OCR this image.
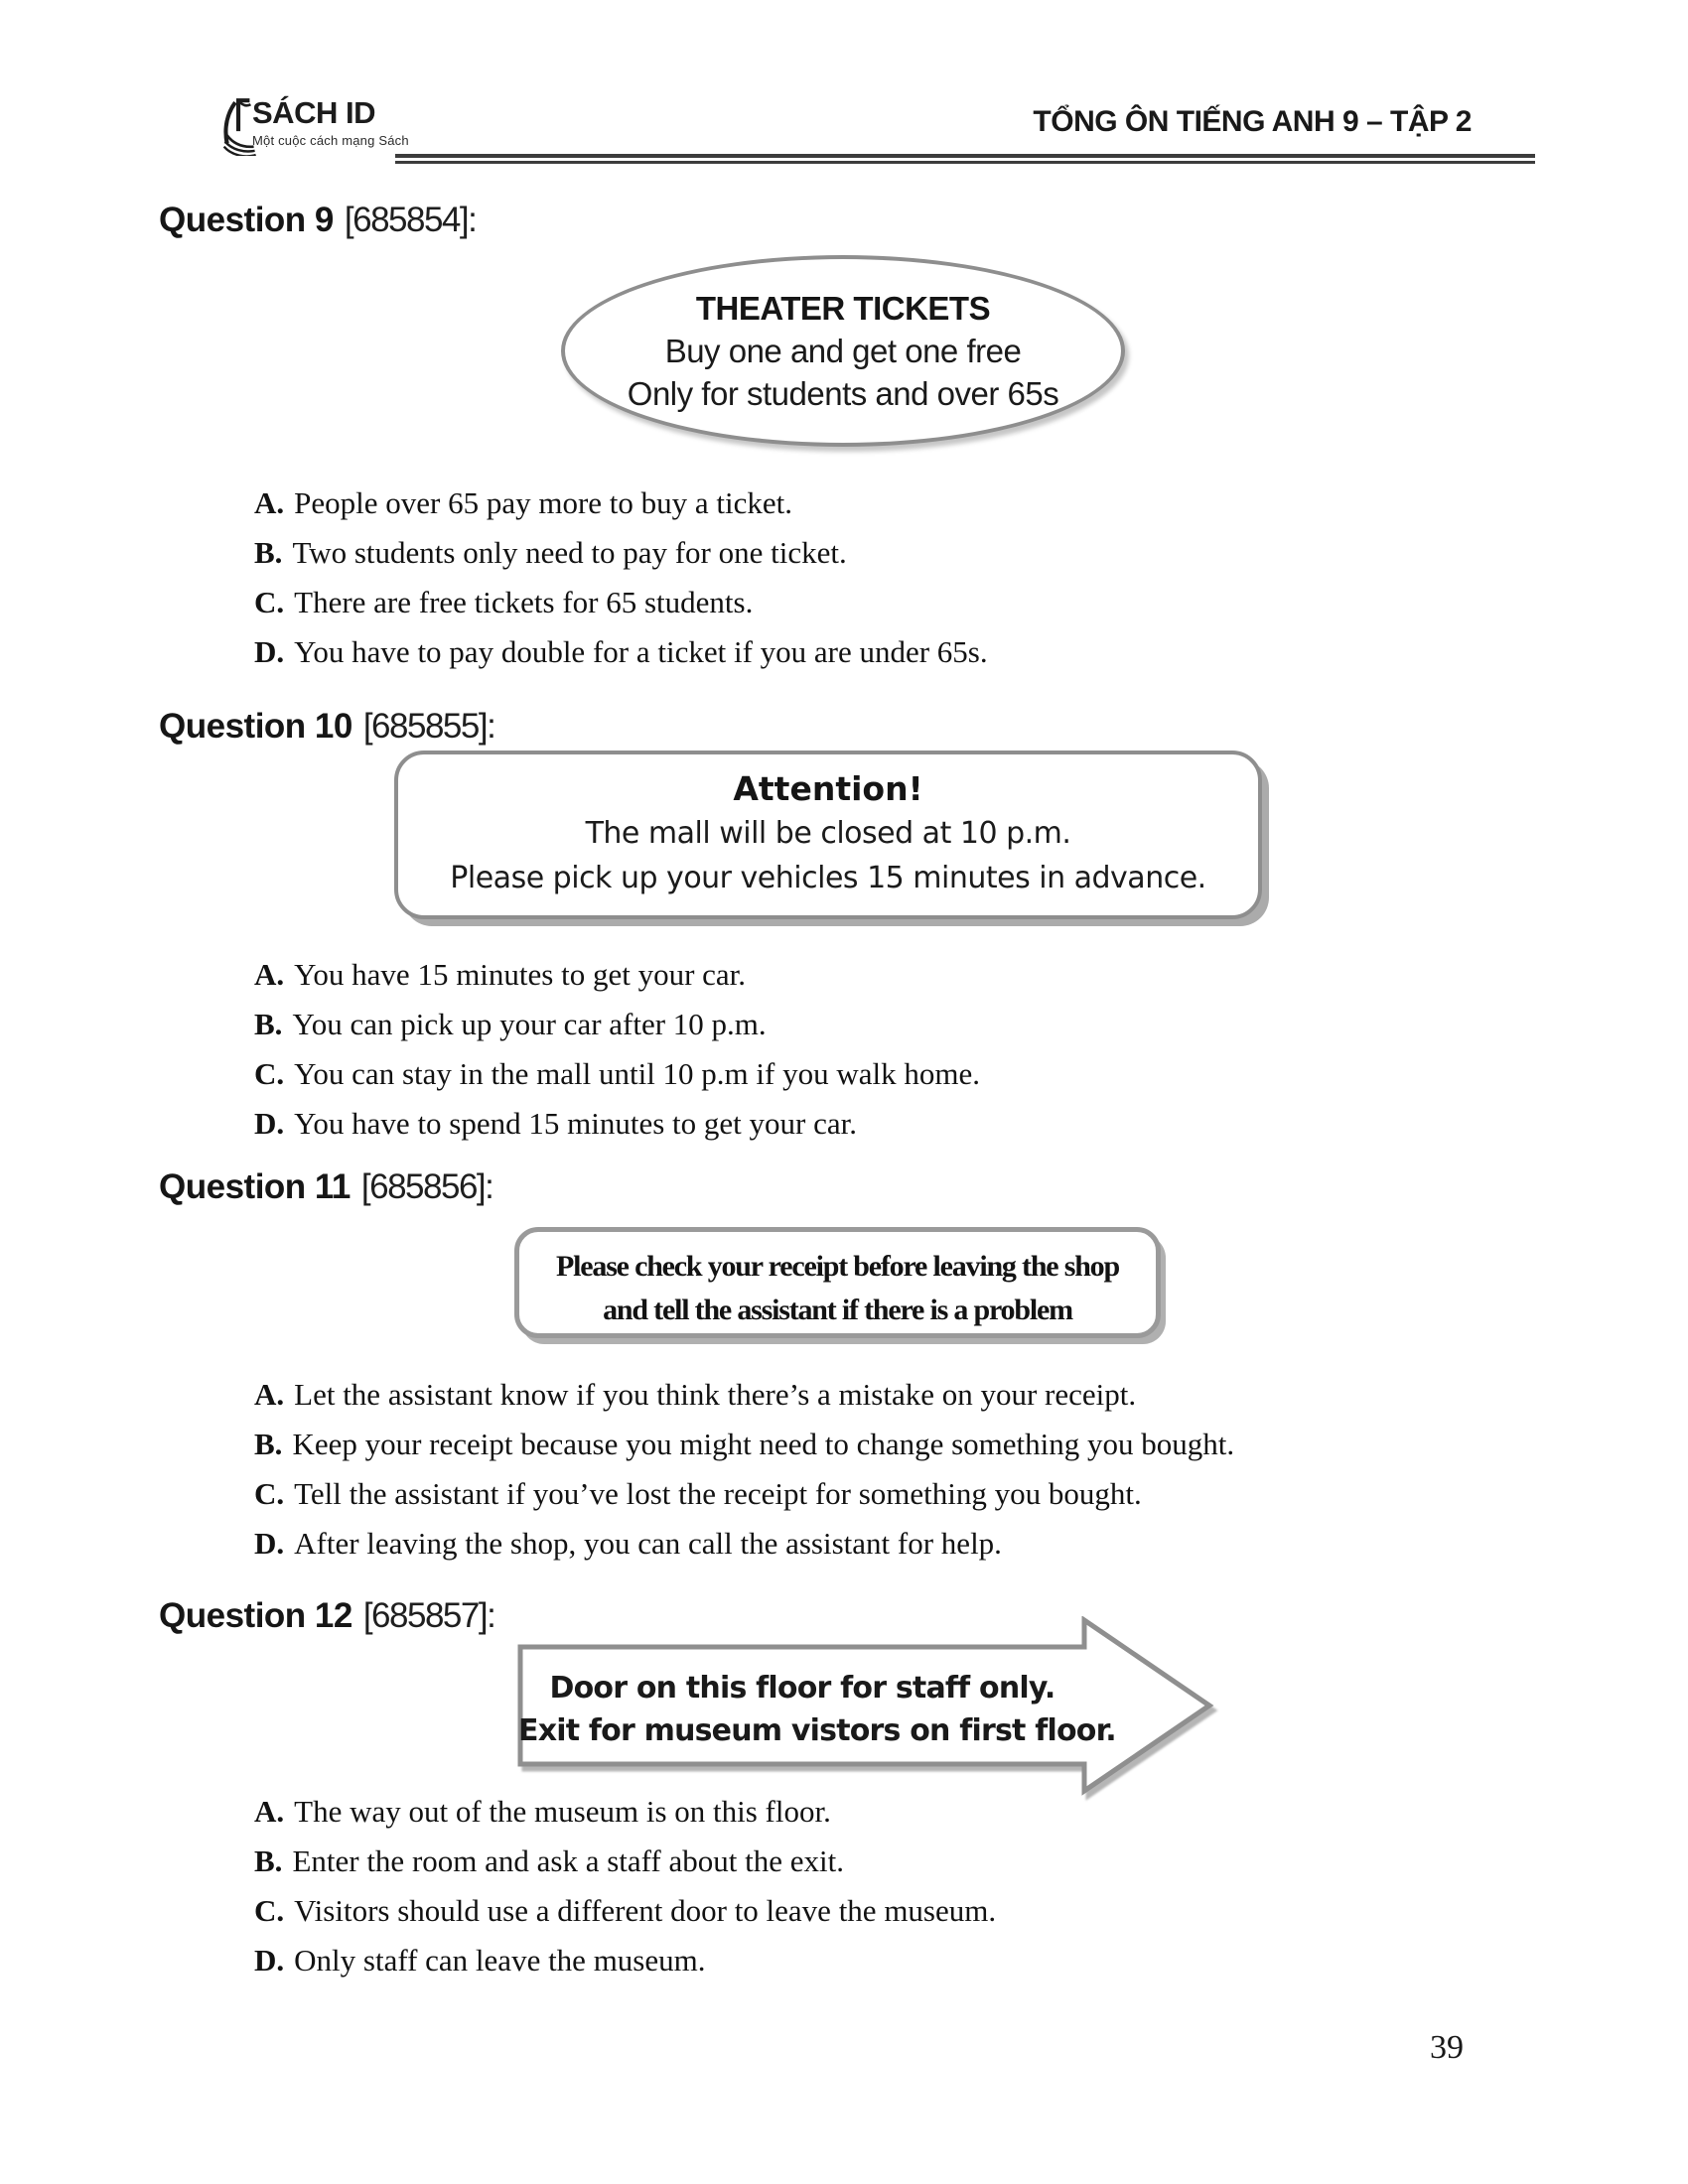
SÁCH ID
Một cuộc cách mạng Sách
TỔNG ÔN TIẾNG ANH 9 – TẬP 2
Question 9 [685854]:
THEATER TICKETS
Buy one and get one free
Only for students and over 65s
A. People over 65 pay more to buy a ticket.
B. Two students only need to pay for one ticket.
C. There are free tickets for 65 students.
D. You have to pay double for a ticket if you are under 65s.
Question 10 [685855]:
Attention!
The mall will be closed at 10 p.m.
Please pick up your vehicles 15 minutes in advance.
A. You have 15 minutes to get your car.
B. You can pick up your car after 10 p.m.
C. You can stay in the mall until 10 p.m if you walk home.
D. You have to spend 15 minutes to get your car.
Question 11 [685856]:
Please check your receipt before leaving the shop
and tell the assistant if there is a problem
A. Let the assistant know if you think there’s a mistake on your receipt.
B. Keep your receipt because you might need to change something you bought.
C. Tell the assistant if you’ve lost the receipt for something you bought.
D. After leaving the shop, you can call the assistant for help.
Question 12 [685857]:
Door on this floor for staff only.
Exit for museum vistors on first floor.
A. The way out of the museum is on this floor.
B. Enter the room and ask a staff about the exit.
C. Visitors should use a different door to leave the museum.
D. Only staff can leave the museum.
39
